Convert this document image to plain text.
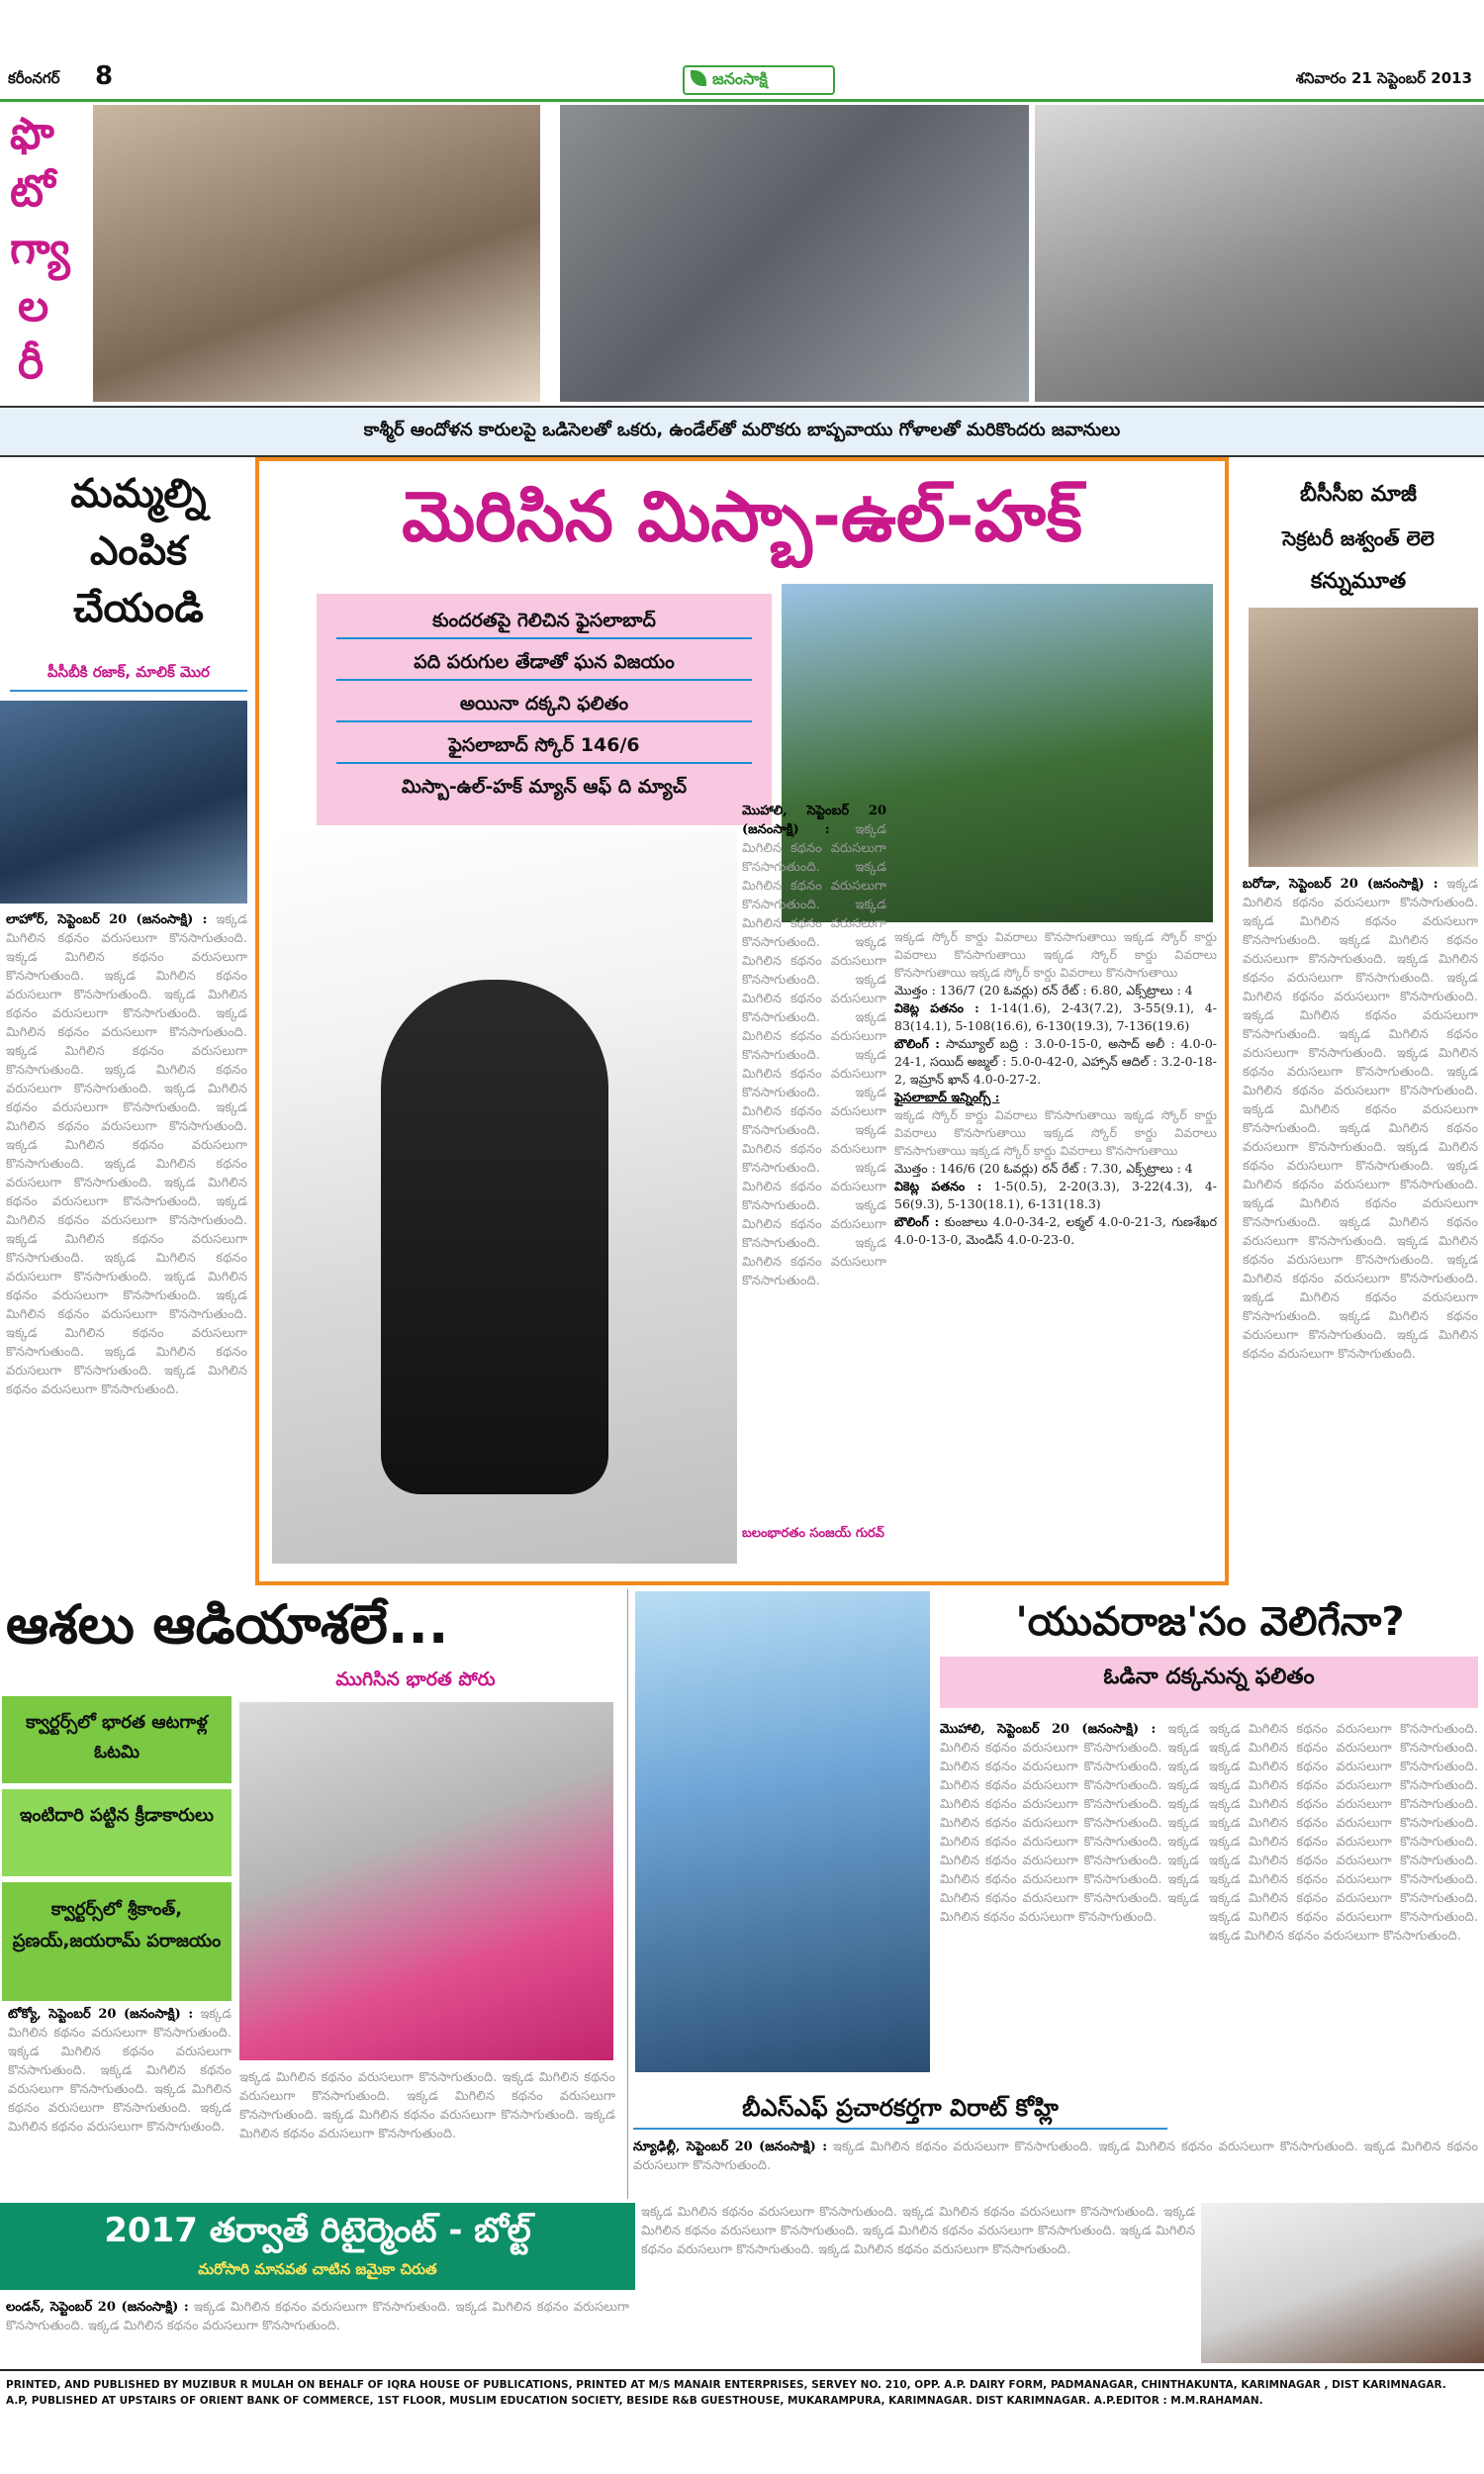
కరీంనగర్ 8	జనంసాక్షి	శనివారం 21 సెప్టెంబర్ 2013
ఫొ
టో
గ్యా
ల
రీ
కాశ్మీర్ ఆందోళన కారులపై ఒడిసెలతో ఒకరు, ఉండేల్‌తో మరొకరు బాష్పవాయు గోళాలతో మరికొందరు జవానులు
మమ్మల్ని
ఎంపిక
చేయండి
పీసీబీకి రజాక్, మాలిక్ మొర
లాహోర్, సెప్టెంబర్ 20 (జనంసాక్షి) : ఇక్కడ మిగిలిన కథనం వరుసలుగా కొనసాగుతుంది. ఇక్కడ మిగిలిన కథనం వరుసలుగా కొనసాగుతుంది. ఇక్కడ మిగిలిన కథనం వరుసలుగా కొనసాగుతుంది. ఇక్కడ మిగిలిన కథనం వరుసలుగా కొనసాగుతుంది. ఇక్కడ మిగిలిన కథనం వరుసలుగా కొనసాగుతుంది. ఇక్కడ మిగిలిన కథనం వరుసలుగా కొనసాగుతుంది. ఇక్కడ మిగిలిన కథనం వరుసలుగా కొనసాగుతుంది. ఇక్కడ మిగిలిన కథనం వరుసలుగా కొనసాగుతుంది. ఇక్కడ మిగిలిన కథనం వరుసలుగా కొనసాగుతుంది. ఇక్కడ మిగిలిన కథనం వరుసలుగా కొనసాగుతుంది. ఇక్కడ మిగిలిన కథనం వరుసలుగా కొనసాగుతుంది. ఇక్కడ మిగిలిన కథనం వరుసలుగా కొనసాగుతుంది. ఇక్కడ మిగిలిన కథనం వరుసలుగా కొనసాగుతుంది. ఇక్కడ మిగిలిన కథనం వరుసలుగా కొనసాగుతుంది. ఇక్కడ మిగిలిన కథనం వరుసలుగా కొనసాగుతుంది. ఇక్కడ మిగిలిన కథనం వరుసలుగా కొనసాగుతుంది. ఇక్కడ మిగిలిన కథనం వరుసలుగా కొనసాగుతుంది. ఇక్కడ మిగిలిన కథనం వరుసలుగా కొనసాగుతుంది. ఇక్కడ మిగిలిన కథనం వరుసలుగా కొనసాగుతుంది. ఇక్కడ మిగిలిన కథనం వరుసలుగా కొనసాగుతుంది.
మెరిసిన మిస్బా-ఉల్-హక్
కుందరతపై గెలిచిన ఫైసలాబాద్
పది పరుగుల తేడాతో ఘన విజయం
అయినా దక్కని ఫలితం
ఫైసలాబాద్ స్కోర్ 146/6
మిస్బా-ఉల్-హక్ మ్యాన్ ఆఫ్ ది మ్యాచ్
మొహాలి, సెప్టెంబర్ 20 (జనంసాక్షి) : ఇక్కడ మిగిలిన కథనం వరుసలుగా కొనసాగుతుంది. ఇక్కడ మిగిలిన కథనం వరుసలుగా కొనసాగుతుంది. ఇక్కడ మిగిలిన కథనం వరుసలుగా కొనసాగుతుంది. ఇక్కడ మిగిలిన కథనం వరుసలుగా కొనసాగుతుంది. ఇక్కడ మిగిలిన కథనం వరుసలుగా కొనసాగుతుంది. ఇక్కడ మిగిలిన కథనం వరుసలుగా కొనసాగుతుంది. ఇక్కడ మిగిలిన కథనం వరుసలుగా కొనసాగుతుంది. ఇక్కడ మిగిలిన కథనం వరుసలుగా కొనసాగుతుంది. ఇక్కడ మిగిలిన కథనం వరుసలుగా కొనసాగుతుంది. ఇక్కడ మిగిలిన కథనం వరుసలుగా కొనసాగుతుంది. ఇక్కడ మిగిలిన కథనం వరుసలుగా కొనసాగుతుంది. ఇక్కడ మిగిలిన కథనం వరుసలుగా కొనసాగుతుంది.
బలంభారతం సంజయ్ గురవ్
ఇక్కడ స్కోర్ కార్డు వివరాలు కొనసాగుతాయి ఇక్కడ స్కోర్ కార్డు వివరాలు కొనసాగుతాయి ఇక్కడ స్కోర్ కార్డు వివరాలు కొనసాగుతాయి ఇక్కడ స్కోర్ కార్డు వివరాలు కొనసాగుతాయి
మొత్తం : 136/7 (20 ఓవర్లు) రన్ రేట్ : 6.80, ఎక్స్‌ట్రాలు : 4
వికెట్ల పతనం : 1-14(1.6), 2-43(7.2), 3-55(9.1), 4-83(14.1), 5-108(16.6), 6-130(19.3), 7-136(19.6)
బౌలింగ్ : సామ్యూల్ బద్రి : 3.0-0-15-0, అసాద్ అలీ : 4.0-0-24-1, సయిద్ అజ్మల్ : 5.0-0-42-0, ఎహ్సాన్ ఆదిల్ : 3.2-0-18-2, ఇమ్రాన్ ఖాన్ 4.0-0-27-2.
ఫైసలాబాద్ ఇన్నింగ్స్ :
ఇక్కడ స్కోర్ కార్డు వివరాలు కొనసాగుతాయి ఇక్కడ స్కోర్ కార్డు వివరాలు కొనసాగుతాయి ఇక్కడ స్కోర్ కార్డు వివరాలు కొనసాగుతాయి ఇక్కడ స్కోర్ కార్డు వివరాలు కొనసాగుతాయి
మొత్తం : 146/6 (20 ఓవర్లు) రన్ రేట్ : 7.30, ఎక్స్‌ట్రాలు : 4
వికెట్ల పతనం : 1-5(0.5), 2-20(3.3), 3-22(4.3), 4-56(9.3), 5-130(18.1), 6-131(18.3)
బౌలింగ్ : కుంజాలు 4.0-0-34-2, లక్మల్ 4.0-0-21-3, గుణశేఖర 4.0-0-13-0, మెండిస్ 4.0-0-23-0.
బీసీసీఐ మాజీ
సెక్రటరీ జశ్వంత్ లెలె
కన్నుమూత
బరోడా, సెప్టెంబర్ 20 (జనంసాక్షి) : ఇక్కడ మిగిలిన కథనం వరుసలుగా కొనసాగుతుంది. ఇక్కడ మిగిలిన కథనం వరుసలుగా కొనసాగుతుంది. ఇక్కడ మిగిలిన కథనం వరుసలుగా కొనసాగుతుంది. ఇక్కడ మిగిలిన కథనం వరుసలుగా కొనసాగుతుంది. ఇక్కడ మిగిలిన కథనం వరుసలుగా కొనసాగుతుంది. ఇక్కడ మిగిలిన కథనం వరుసలుగా కొనసాగుతుంది. ఇక్కడ మిగిలిన కథనం వరుసలుగా కొనసాగుతుంది. ఇక్కడ మిగిలిన కథనం వరుసలుగా కొనసాగుతుంది. ఇక్కడ మిగిలిన కథనం వరుసలుగా కొనసాగుతుంది. ఇక్కడ మిగిలిన కథనం వరుసలుగా కొనసాగుతుంది. ఇక్కడ మిగిలిన కథనం వరుసలుగా కొనసాగుతుంది. ఇక్కడ మిగిలిన కథనం వరుసలుగా కొనసాగుతుంది. ఇక్కడ మిగిలిన కథనం వరుసలుగా కొనసాగుతుంది. ఇక్కడ మిగిలిన కథనం వరుసలుగా కొనసాగుతుంది. ఇక్కడ మిగిలిన కథనం వరుసలుగా కొనసాగుతుంది. ఇక్కడ మిగిలిన కథనం వరుసలుగా కొనసాగుతుంది. ఇక్కడ మిగిలిన కథనం వరుసలుగా కొనసాగుతుంది. ఇక్కడ మిగిలిన కథనం వరుసలుగా కొనసాగుతుంది. ఇక్కడ మిగిలిన కథనం వరుసలుగా కొనసాగుతుంది. ఇక్కడ మిగిలిన కథనం వరుసలుగా కొనసాగుతుంది.
ఆశలు ఆడియాశలే...
ముగిసిన భారత పోరు
క్వార్టర్స్‌లో భారత ఆటగాళ్ల ఓటమి
ఇంటిదారి పట్టిన క్రీడాకారులు
క్వార్టర్స్‌లో శ్రీకాంత్, ప్రణయ్,జయరామ్ పరాజయం
టోక్యో, సెప్టెంబర్ 20 (జనంసాక్షి) : ఇక్కడ మిగిలిన కథనం వరుసలుగా కొనసాగుతుంది. ఇక్కడ మిగిలిన కథనం వరుసలుగా కొనసాగుతుంది. ఇక్కడ మిగిలిన కథనం వరుసలుగా కొనసాగుతుంది. ఇక్కడ మిగిలిన కథనం వరుసలుగా కొనసాగుతుంది. ఇక్కడ మిగిలిన కథనం వరుసలుగా కొనసాగుతుంది.
ఇక్కడ మిగిలిన కథనం వరుసలుగా కొనసాగుతుంది. ఇక్కడ మిగిలిన కథనం వరుసలుగా కొనసాగుతుంది. ఇక్కడ మిగిలిన కథనం వరుసలుగా కొనసాగుతుంది. ఇక్కడ మిగిలిన కథనం వరుసలుగా కొనసాగుతుంది. ఇక్కడ మిగిలిన కథనం వరుసలుగా కొనసాగుతుంది.
'యువరాజ'సం వెలిగేనా?
ఓడినా దక్కనున్న ఫలితం
మొహాలి, సెప్టెంబర్ 20 (జనంసాక్షి) : ఇక్కడ మిగిలిన కథనం వరుసలుగా కొనసాగుతుంది. ఇక్కడ మిగిలిన కథనం వరుసలుగా కొనసాగుతుంది. ఇక్కడ మిగిలిన కథనం వరుసలుగా కొనసాగుతుంది. ఇక్కడ మిగిలిన కథనం వరుసలుగా కొనసాగుతుంది. ఇక్కడ మిగిలిన కథనం వరుసలుగా కొనసాగుతుంది. ఇక్కడ మిగిలిన కథనం వరుసలుగా కొనసాగుతుంది. ఇక్కడ మిగిలిన కథనం వరుసలుగా కొనసాగుతుంది. ఇక్కడ మిగిలిన కథనం వరుసలుగా కొనసాగుతుంది. ఇక్కడ మిగిలిన కథనం వరుసలుగా కొనసాగుతుంది. ఇక్కడ మిగిలిన కథనం వరుసలుగా కొనసాగుతుంది.
ఇక్కడ మిగిలిన కథనం వరుసలుగా కొనసాగుతుంది. ఇక్కడ మిగిలిన కథనం వరుసలుగా కొనసాగుతుంది. ఇక్కడ మిగిలిన కథనం వరుసలుగా కొనసాగుతుంది. ఇక్కడ మిగిలిన కథనం వరుసలుగా కొనసాగుతుంది. ఇక్కడ మిగిలిన కథనం వరుసలుగా కొనసాగుతుంది. ఇక్కడ మిగిలిన కథనం వరుసలుగా కొనసాగుతుంది. ఇక్కడ మిగిలిన కథనం వరుసలుగా కొనసాగుతుంది. ఇక్కడ మిగిలిన కథనం వరుసలుగా కొనసాగుతుంది. ఇక్కడ మిగిలిన కథనం వరుసలుగా కొనసాగుతుంది. ఇక్కడ మిగిలిన కథనం వరుసలుగా కొనసాగుతుంది. ఇక్కడ మిగిలిన కథనం వరుసలుగా కొనసాగుతుంది. ఇక్కడ మిగిలిన కథనం వరుసలుగా కొనసాగుతుంది.
బీఎస్ఎఫ్ ప్రచారకర్తగా విరాట్ కోహ్లి
న్యూఢిల్లీ, సెప్టెంబర్ 20 (జనంసాక్షి) : ఇక్కడ మిగిలిన కథనం వరుసలుగా కొనసాగుతుంది. ఇక్కడ మిగిలిన కథనం వరుసలుగా కొనసాగుతుంది. ఇక్కడ మిగిలిన కథనం వరుసలుగా కొనసాగుతుంది.
2017 తర్వాతే రిటైర్మెంట్ - బోల్ట్
మరోసారి మానవత చాటిన జమైకా చిరుత
లండన్, సెప్టెంబర్ 20 (జనంసాక్షి) : ఇక్కడ మిగిలిన కథనం వరుసలుగా కొనసాగుతుంది. ఇక్కడ మిగిలిన కథనం వరుసలుగా కొనసాగుతుంది. ఇక్కడ మిగిలిన కథనం వరుసలుగా కొనసాగుతుంది.
ఇక్కడ మిగిలిన కథనం వరుసలుగా కొనసాగుతుంది. ఇక్కడ మిగిలిన కథనం వరుసలుగా కొనసాగుతుంది. ఇక్కడ మిగిలిన కథనం వరుసలుగా కొనసాగుతుంది. ఇక్కడ మిగిలిన కథనం వరుసలుగా కొనసాగుతుంది. ఇక్కడ మిగిలిన కథనం వరుసలుగా కొనసాగుతుంది. ఇక్కడ మిగిలిన కథనం వరుసలుగా కొనసాగుతుంది.
PRINTED, AND PUBLISHED BY MUZIBUR R MULAH ON BEHALF OF IQRA HOUSE OF PUBLICATIONS, PRINTED AT M/S MANAIR ENTERPRISES, SERVEY NO. 210, OPP. A.P. DAIRY FORM, PADMANAGAR, CHINTHAKUNTA, KARIMNAGAR , DIST KARIMNAGAR.
A.P, PUBLISHED AT UPSTAIRS OF ORIENT BANK OF COMMERCE, 1ST FLOOR, MUSLIM EDUCATION SOCIETY, BESIDE R&B GUESTHOUSE, MUKARAMPURA, KARIMNAGAR. DIST KARIMNAGAR. A.P.EDITOR : M.M.RAHAMAN.
